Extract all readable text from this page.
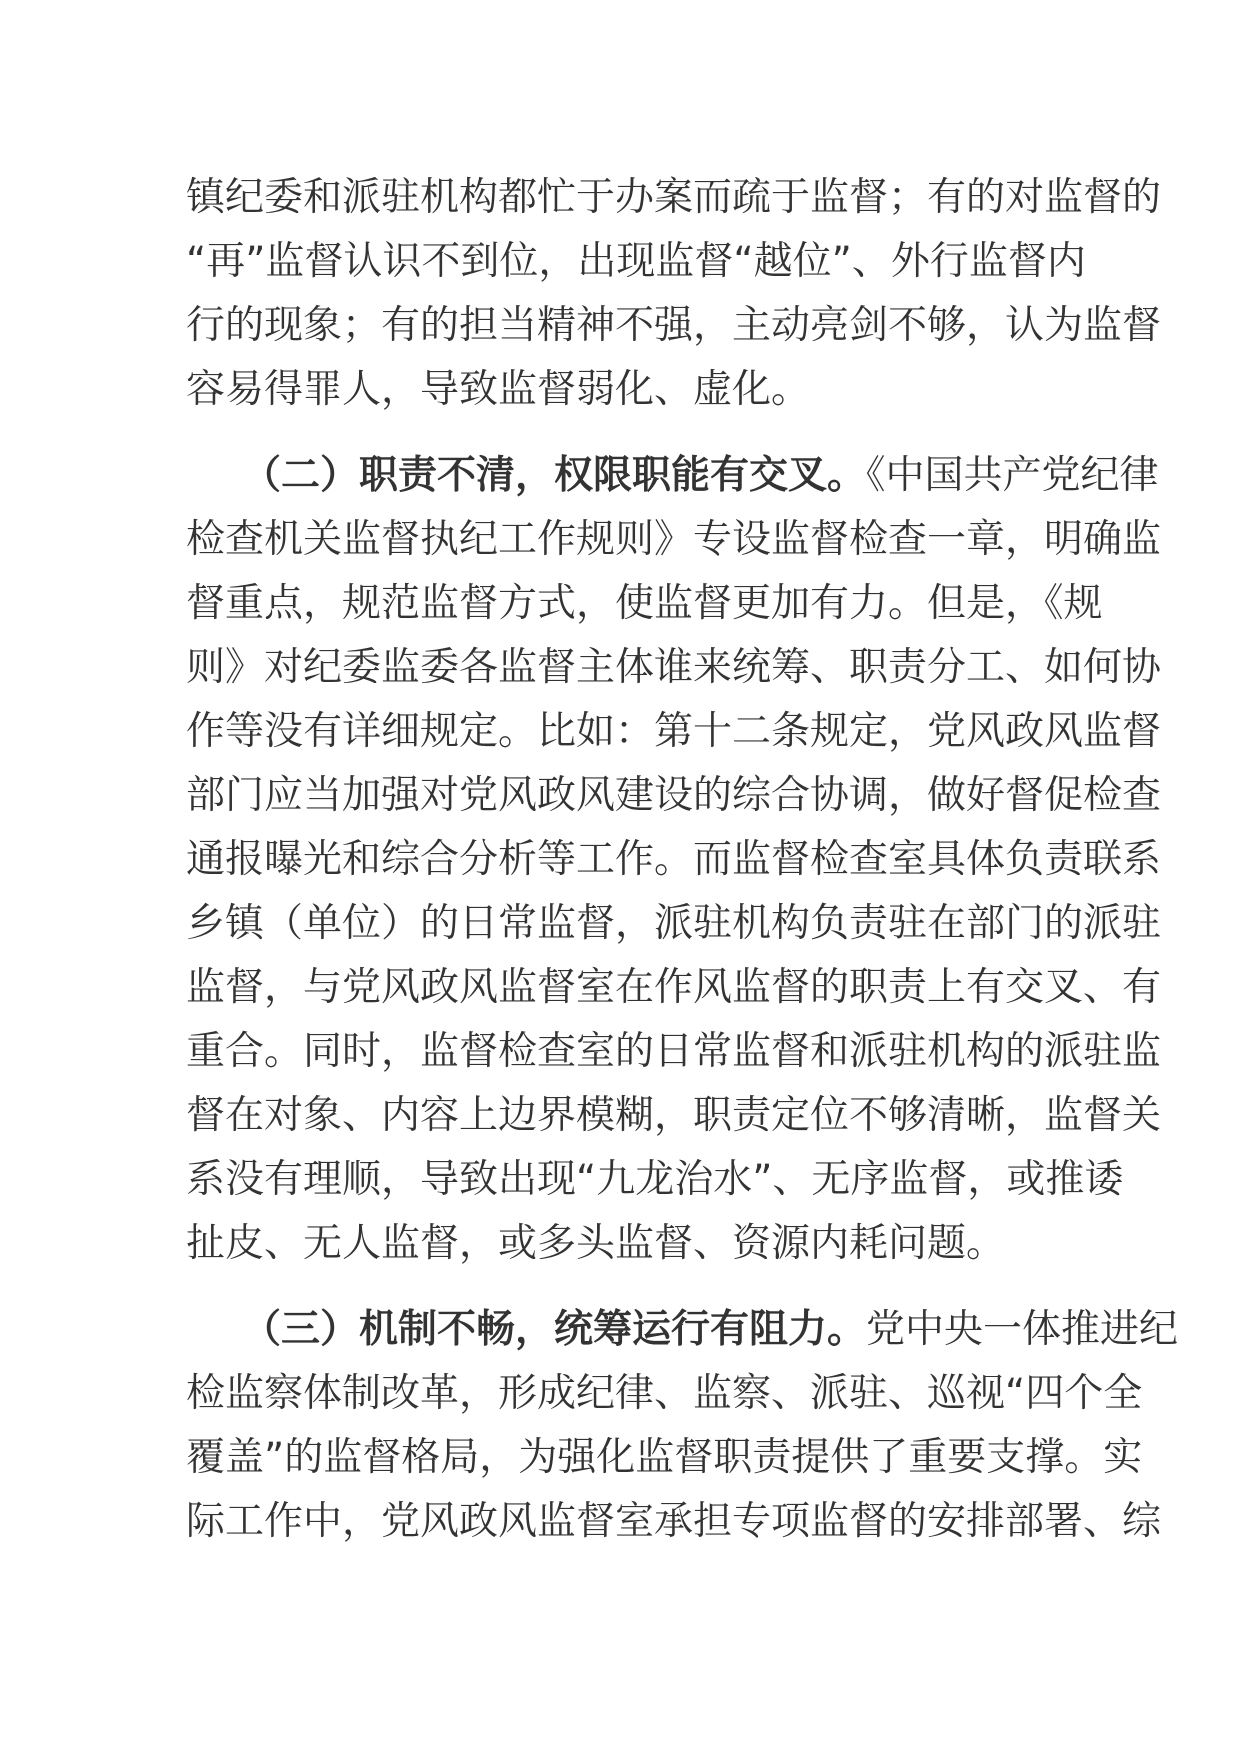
镇纪委和派驻机构都忙于办案而疏于监督；有的对监督的
“再”监督认识不到位，出现监督“越位”、外行监督内
行的现象；有的担当精神不强，主动亮剑不够，认为监督
容易得罪人，导致监督弱化、虚化。
（二）职责不清，权限职能有交叉。《中国共产党纪律
检查机关监督执纪工作规则》专设监督检查一章，明确监
督重点，规范监督方式，使监督更加有力。但是，《规
则》对纪委监委各监督主体谁来统筹、职责分工、如何协
作等没有详细规定。比如：第十二条规定，党风政风监督
部门应当加强对党风政风建设的综合协调，做好督促检查
通报曝光和综合分析等工作。而监督检查室具体负责联系
乡镇（单位）的日常监督，派驻机构负责驻在部门的派驻
监督，与党风政风监督室在作风监督的职责上有交叉、有
重合。同时，监督检查室的日常监督和派驻机构的派驻监
督在对象、内容上边界模糊，职责定位不够清晰，监督关
系没有理顺，导致出现“九龙治水”、无序监督，或推诿
扯皮、无人监督，或多头监督、资源内耗问题。
（三）机制不畅，统筹运行有阻力。党中央一体推进纪
检监察体制改革，形成纪律、监察、派驻、巡视“四个全
覆盖”的监督格局，为强化监督职责提供了重要支撑。实
际工作中，党风政风监督室承担专项监督的安排部署、综
